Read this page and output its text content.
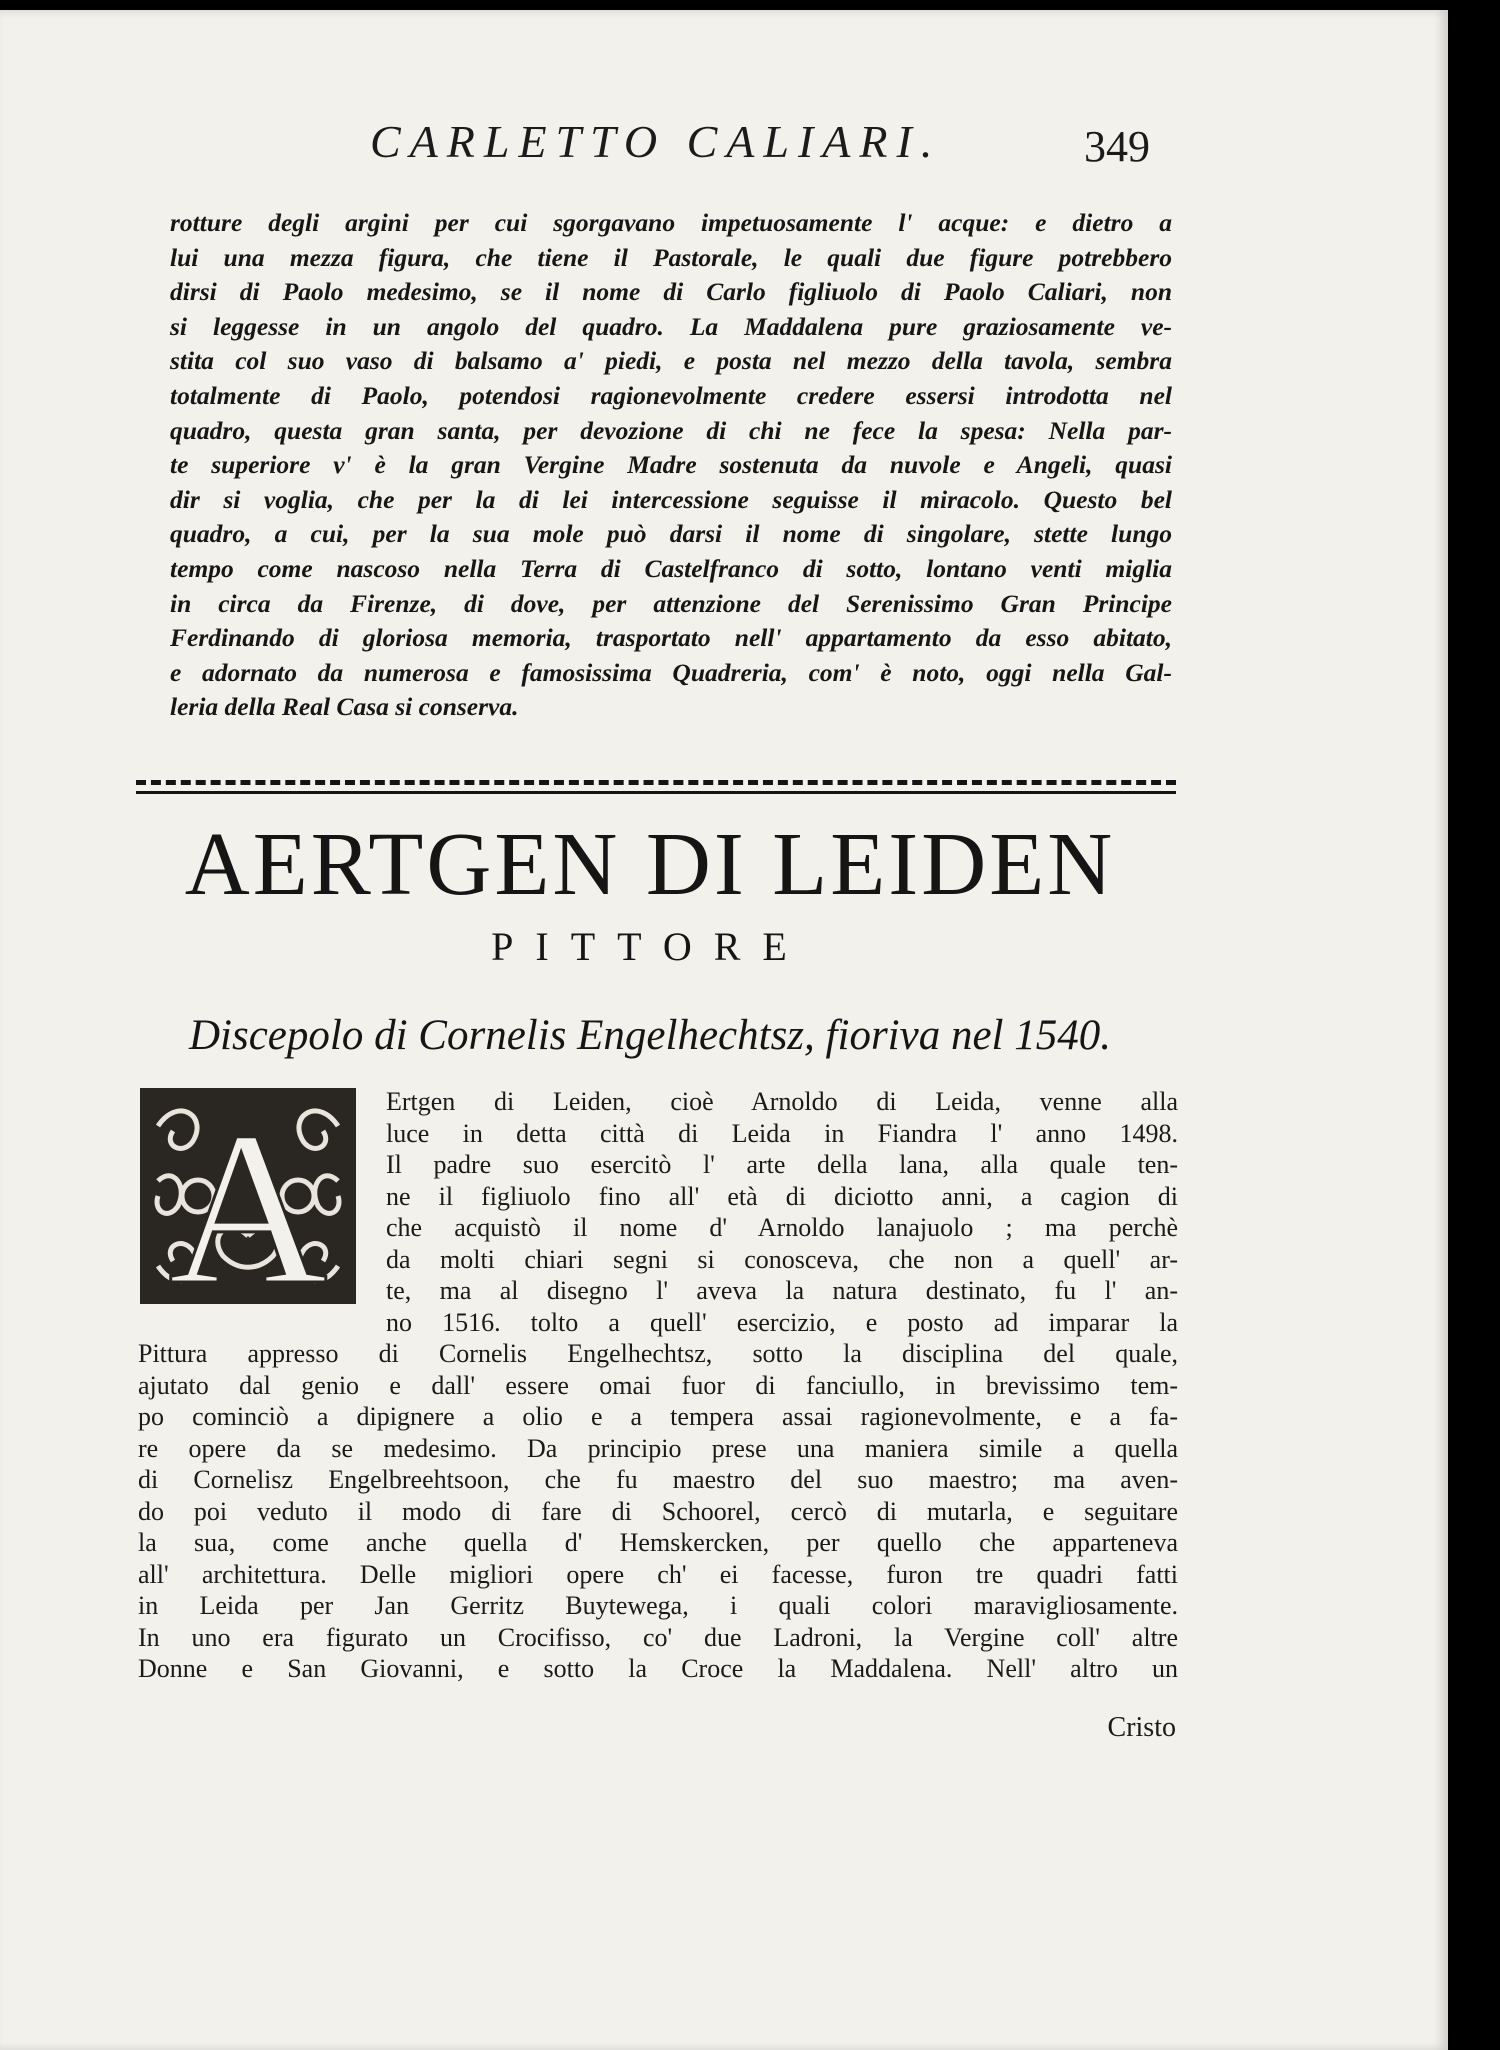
CARLETTO CALIARI.	349
rotture degli argini per cui sgorgavano impetuosamente l' acque: e dietro a
lui una mezza figura, che tiene il Pastorale, le quali due figure potrebbero
dirsi di Paolo medesimo, se il nome di Carlo figliuolo di Paolo Caliari, non
si leggesse in un angolo del quadro. La Maddalena pure graziosamente ve-
stita col suo vaso di balsamo a' piedi, e posta nel mezzo della tavola, sembra
totalmente di Paolo, potendosi ragionevolmente credere essersi introdotta nel
quadro, questa gran santa, per devozione di chi ne fece la spesa: Nella par-
te superiore v' è la gran Vergine Madre sostenuta da nuvole e Angeli, quasi
dir si voglia, che per la di lei intercessione seguisse il miracolo. Questo bel
quadro, a cui, per la sua mole può darsi il nome di singolare, stette lungo
tempo come nascoso nella Terra di Castelfranco di sotto, lontano venti miglia
in circa da Firenze, di dove, per attenzione del Serenissimo Gran Principe
Ferdinando di gloriosa memoria, trasportato nell' appartamento da esso abitato,
e adornato da numerosa e famosissima Quadreria, com' è noto, oggi nella Gal-
leria della Real Casa si conserva.
AERTGEN DI LEIDEN
PITTORE
Discepolo di Cornelis Engelhechtsz, fioriva nel 1540.
A	Ertgen di Leiden, cioè Arnoldo di Leida, venne alla
luce in detta città di Leida in Fiandra l' anno 1498.
Il padre suo esercitò l' arte della lana, alla quale ten-
ne il figliuolo fino all' età di diciotto anni, a cagion di
che acquistò il nome d' Arnoldo lanajuolo ; ma perchè
da molti chiari segni si conosceva, che non a quell' ar-
te, ma al disegno l' aveva la natura destinato, fu l' an-
no 1516. tolto a quell' esercizio, e posto ad imparar la
Pittura appresso di Cornelis Engelhechtsz, sotto la disciplina del quale,
ajutato dal genio e dall' essere omai fuor di fanciullo, in brevissimo tem-
po cominciò a dipignere a olio e a tempera assai ragionevolmente, e a fa-
re opere da se medesimo. Da principio prese una maniera simile a quella
di Cornelisz Engelbreehtsoon, che fu maestro del suo maestro; ma aven-
do poi veduto il modo di fare di Schoorel, cercò di mutarla, e seguitare
la sua, come anche quella d' Hemskercken, per quello che apparteneva
all' architettura. Delle migliori opere ch' ei facesse, furon tre quadri fatti
in Leida per Jan Gerritz Buytewega, i quali colori maravigliosamente.
In uno era figurato un Crocifisso, co' due Ladroni, la Vergine coll' altre
Donne e San Giovanni, e sotto la Croce la Maddalena. Nell' altro un
Cristo
